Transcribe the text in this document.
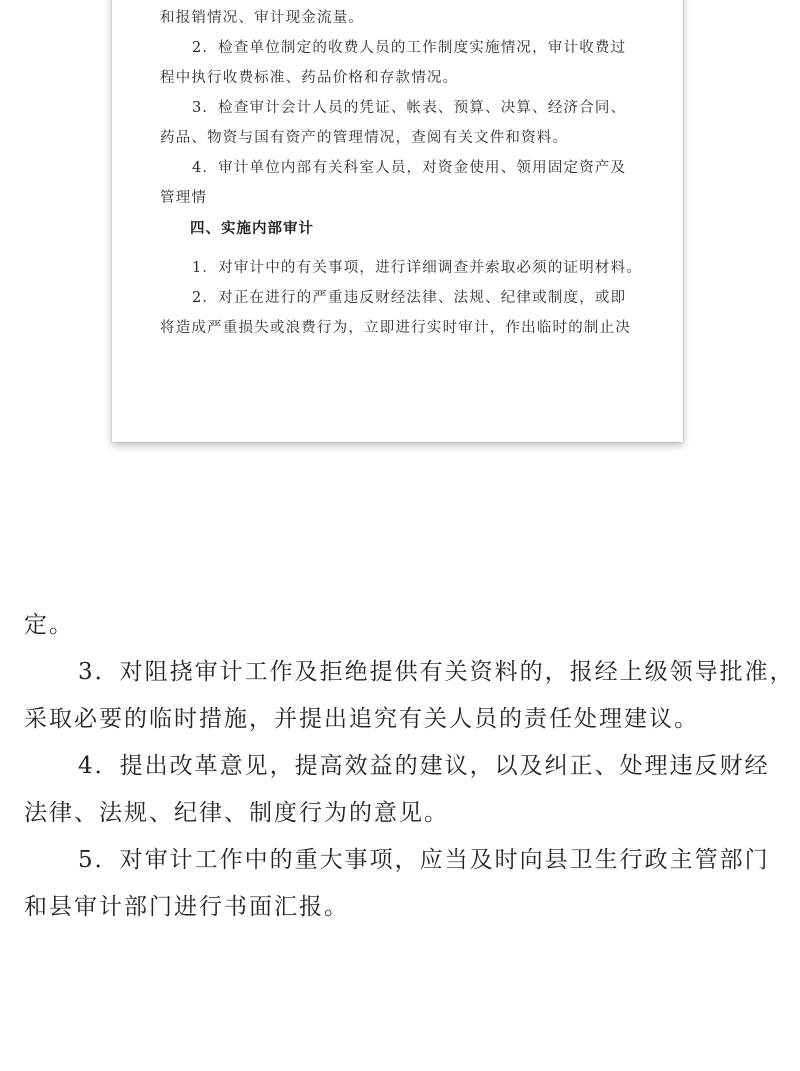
和报销情况、审计现金流量。
2．检查单位制定的收费人员的工作制度实施情况，审计收费过
程中执行收费标准、药品价格和存款情况。
3．检查审计会计人员的凭证、帐表、预算、决算、经济合同、
药品、物资与国有资产的管理情况，查阅有关文件和资料。
4．审计单位内部有关科室人员，对资金使用、领用固定资产及
管理情
四、实施内部审计
1．对审计中的有关事项，进行详细调查并索取必须的证明材料。
2．对正在进行的严重违反财经法律、法规、纪律或制度，或即
将造成严重损失或浪费行为，立即进行实时审计，作出临时的制止决
定。
3．对阻挠审计工作及拒绝提供有关资料的，报经上级领导批准，
采取必要的临时措施，并提出追究有关人员的责任处理建议。
4．提出改革意见，提高效益的建议，以及纠正、处理违反财经
法律、法规、纪律、制度行为的意见。
5．对审计工作中的重大事项，应当及时向县卫生行政主管部门
和县审计部门进行书面汇报。
